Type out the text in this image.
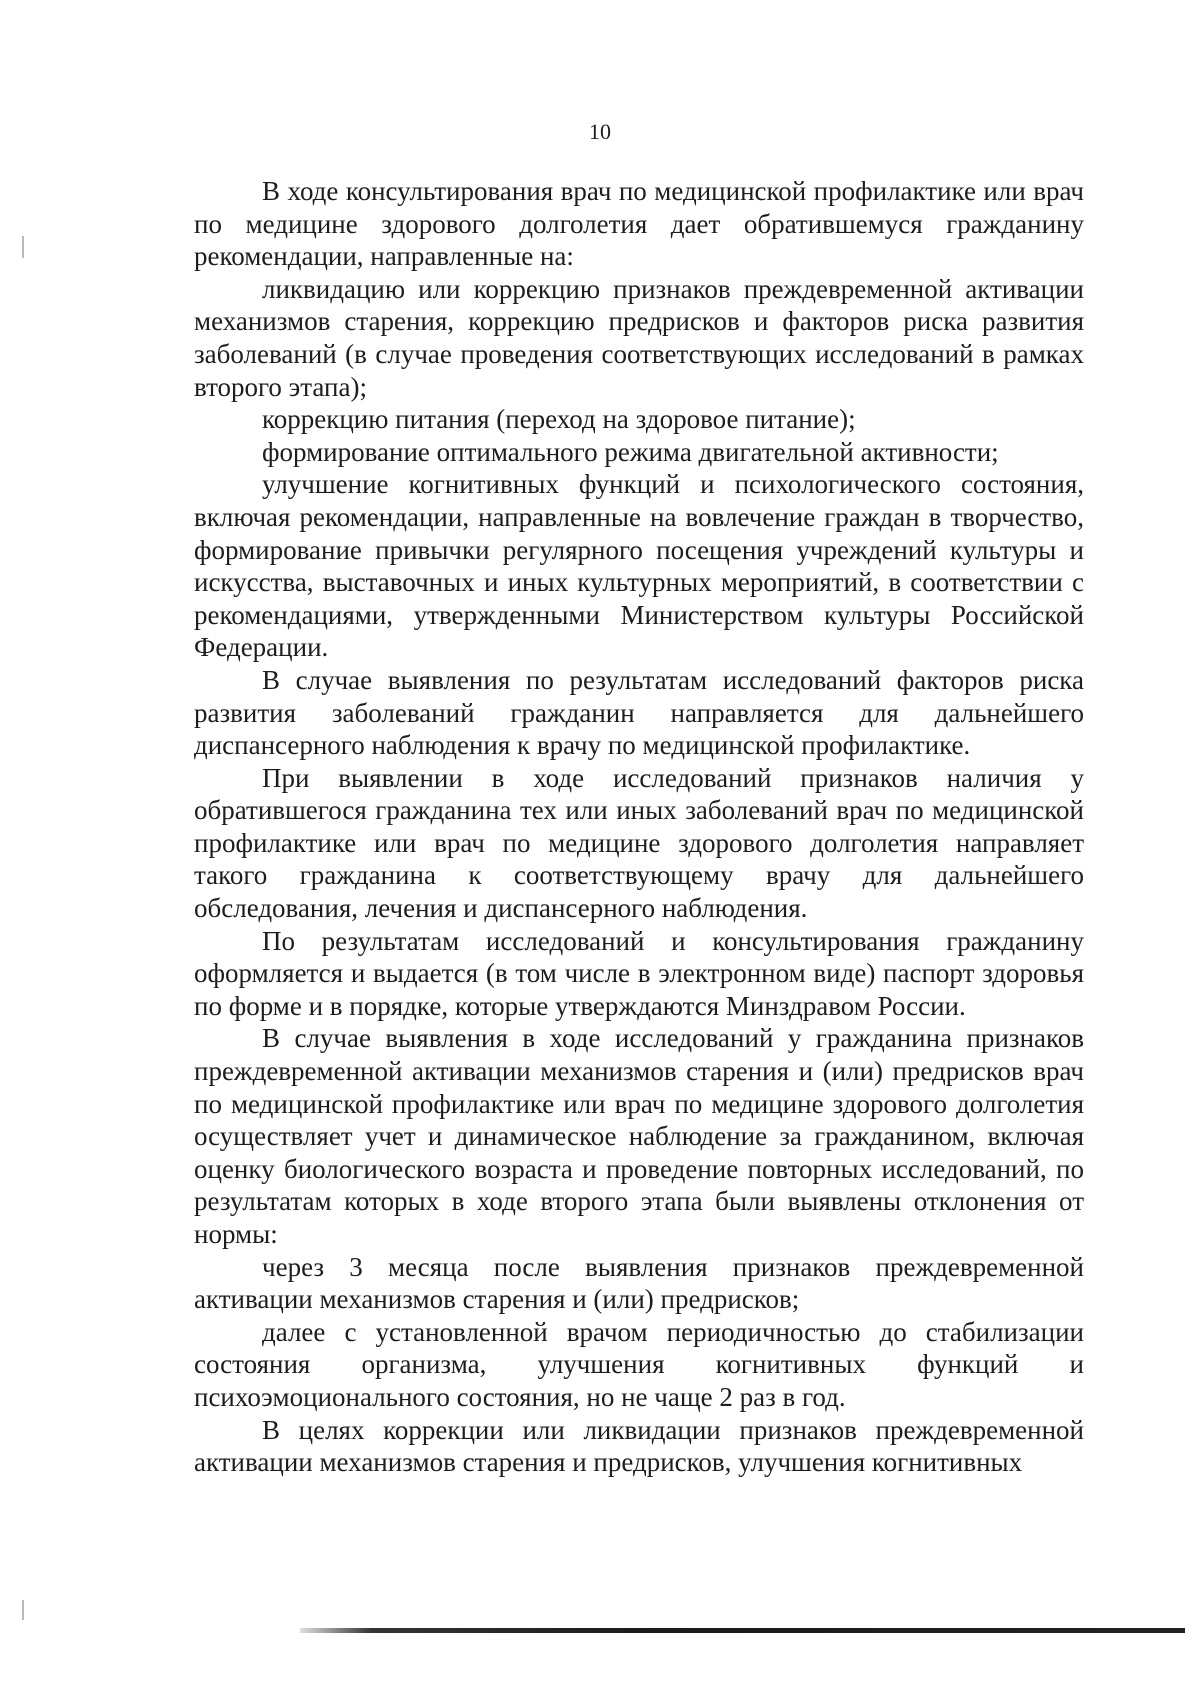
10

В ходе консультирования врач по медицинской профилактике или врач по медицине здорового долголетия дает обратившемуся гражданину рекомендации, направленные на:

ликвидацию или коррекцию признаков преждевременной активации механизмов старения, коррекцию предрисков и факторов риска развития заболеваний (в случае проведения соответствующих исследований в рамках второго этапа);

коррекцию питания (переход на здоровое питание);

формирование оптимального режима двигательной активности;

улучшение когнитивных функций и психологического состояния, включая рекомендации, направленные на вовлечение граждан в творчество, формирование привычки регулярного посещения учреждений культуры и искусства, выставочных и иных культурных мероприятий, в соответствии с рекомендациями, утвержденными Министерством культуры Российской Федерации.

В случае выявления по результатам исследований факторов риска развития заболеваний гражданин направляется для дальнейшего диспансерного наблюдения к врачу по медицинской профилактике.

При выявлении в ходе исследований признаков наличия у обратившегося гражданина тех или иных заболеваний врач по медицинской профилактике или врач по медицине здорового долголетия направляет такого гражданина к соответствующему врачу для дальнейшего обследования, лечения и диспансерного наблюдения.

По результатам исследований и консультирования гражданину оформляется и выдается (в том числе в электронном виде) паспорт здоровья по форме и в порядке, которые утверждаются Минздравом России.

В случае выявления в ходе исследований у гражданина признаков преждевременной активации механизмов старения и (или) предрисков врач по медицинской профилактике или врач по медицине здорового долголетия осуществляет учет и динамическое наблюдение за гражданином, включая оценку биологического возраста и проведение повторных исследований, по результатам которых в ходе второго этапа были выявлены отклонения от нормы:

через 3 месяца после выявления признаков преждевременной активации механизмов старения и (или) предрисков;

далее с установленной врачом периодичностью до стабилизации состояния организма, улучшения когнитивных функций и психоэмоционального состояния, но не чаще 2 раз в год.

В целях коррекции или ликвидации признаков преждевременной активации механизмов старения и предрисков, улучшения когнитивных
